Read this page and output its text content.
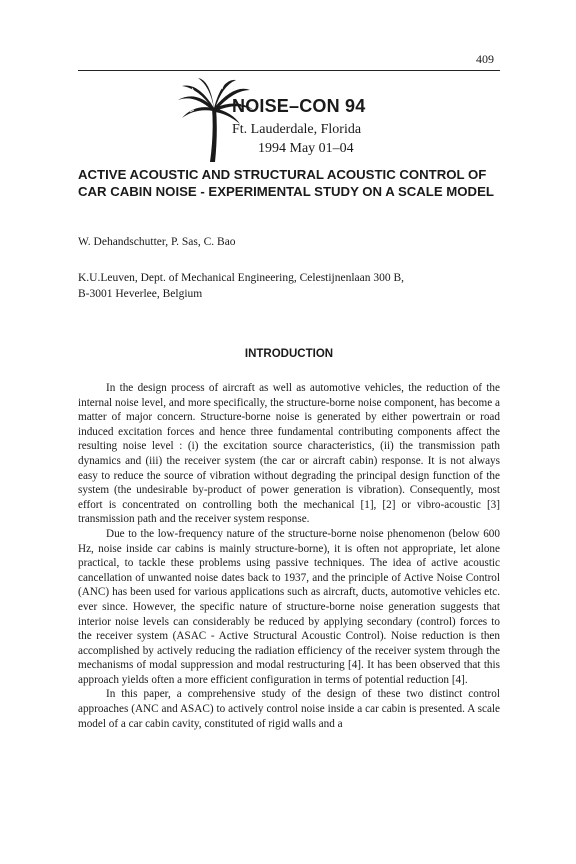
409
NOISE–CON 94
Ft. Lauderdale, Florida
1994 May 01–04
ACTIVE ACOUSTIC AND STRUCTURAL ACOUSTIC CONTROL OF CAR CABIN NOISE - EXPERIMENTAL STUDY ON A SCALE MODEL
W. Dehandschutter, P. Sas, C. Bao
K.U.Leuven, Dept. of Mechanical Engineering, Celestijnenlaan 300 B,
B-3001 Heverlee, Belgium
INTRODUCTION

In the design process of aircraft as well as automotive vehicles, the reduction of the internal noise level, and more specifically, the structure-borne noise component, has become a matter of major concern. Structure-borne noise is generated by either powertrain or road induced excitation forces and hence three fundamental contributing components affect the resulting noise level : (i) the excitation source characteristics, (ii) the transmission path dynamics and (iii) the receiver system (the car or aircraft cabin) response. It is not always easy to reduce the source of vibration without degrading the principal design function of the system (the undesirable by-product of power generation is vibration). Consequently, most effort is concentrated on controlling both the mechanical [1], [2] or vibro-acoustic [3] transmission path and the receiver system response.

Due to the low-frequency nature of the structure-borne noise phenomenon (below 600 Hz, noise inside car cabins is mainly structure-borne), it is often not appropriate, let alone practical, to tackle these problems using passive techniques. The idea of active acoustic cancellation of unwanted noise dates back to 1937, and the principle of Active Noise Control (ANC) has been used for various applications such as aircraft, ducts, automotive vehicles etc. ever since. However, the specific nature of structure-borne noise generation suggests that interior noise levels can considerably be reduced by applying secondary (control) forces to the receiver system (ASAC - Active Structural Acoustic Control). Noise reduction is then accomplished by actively reducing the radiation efficiency of the receiver system through the mechanisms of modal suppression and modal restructuring [4]. It has been observed that this approach yields often a more efficient configuration in terms of potential reduction [4].

In this paper, a comprehensive study of the design of these two distinct control approaches (ANC and ASAC) to actively control noise inside a car cabin is presented. A scale model of a car cabin cavity, constituted of rigid walls and a
